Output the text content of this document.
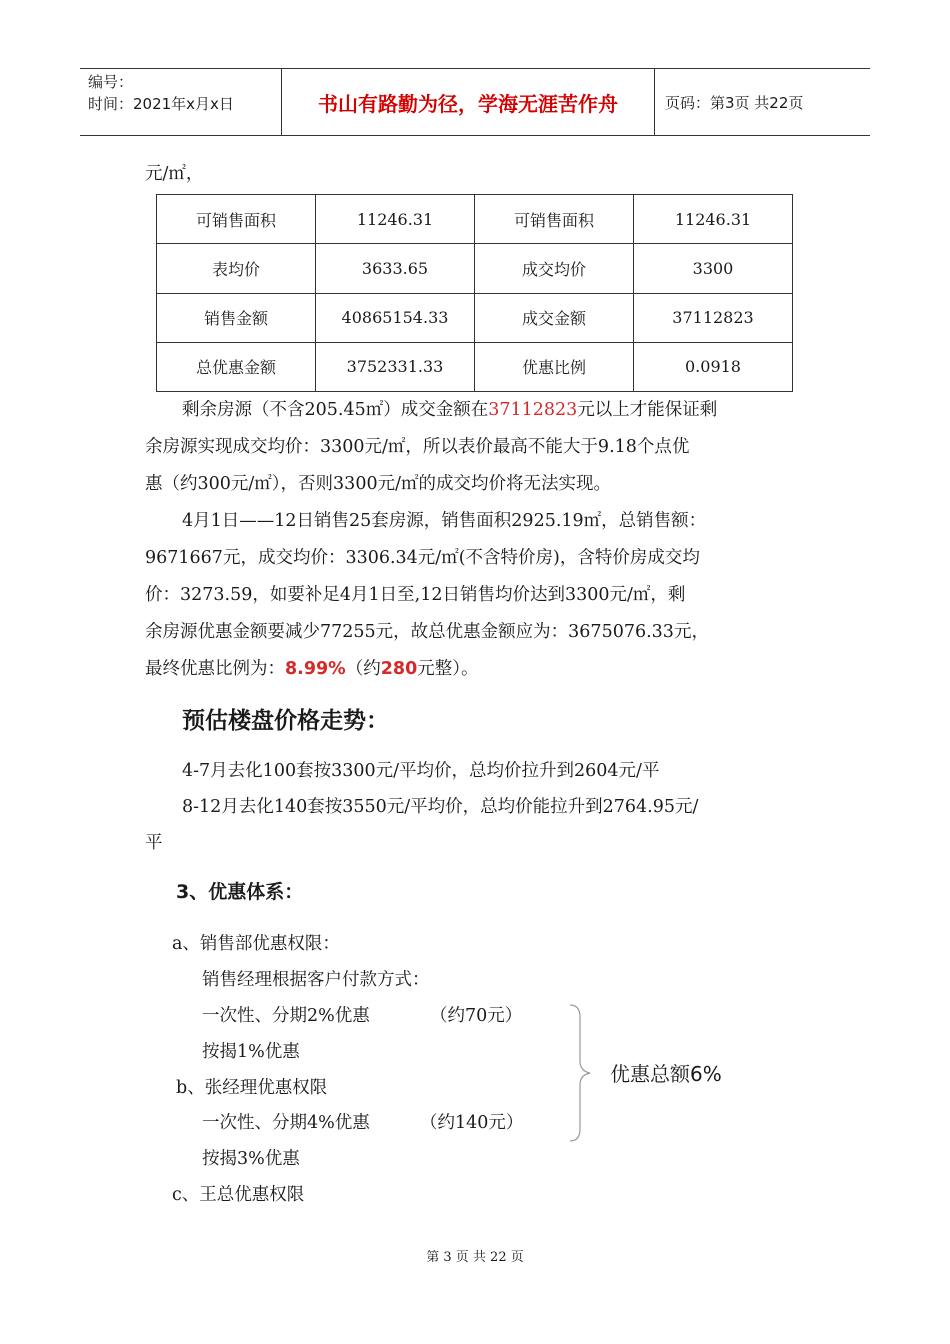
编号：
时间：2021年x月x日	书山有路勤为径，学海无涯苦作舟	页码：第3页 共22页
元/㎡，
可销售面积	11246.31	可销售面积	11246.31
表均价	3633.65	成交均价	3300
销售金额	40865154.33	成交金额	37112823
总优惠金额	3752331.33	优惠比例	0.0918
剩余房源（不含205.45㎡）成交金额在37112823元以上才能保证剩
余房源实现成交均价：3300元/㎡，所以表价最高不能大于9.18个点优
惠（约300元/㎡），否则3300元/㎡的成交均价将无法实现。
4月1日——12日销售25套房源，销售面积2925.19㎡，总销售额：
9671667元，成交均价：3306.34元/㎡(不含特价房)，含特价房成交均
价：3273.59，如要补足4月1日至,12日销售均价达到3300元/㎡，剩
余房源优惠金额要减少77255元，故总优惠金额应为：3675076.33元，
最终优惠比例为：8.99%（约280元整）。
预估楼盘价格走势：
4-7月去化100套按3300元/平均价，总均价拉升到2604元/平
8-12月去化140套按3550元/平均价，总均价能拉升到2764.95元/
平
3、优惠体系：
a、销售部优惠权限：
销售经理根据客户付款方式：
一次性、分期2%优惠	（约70元）
按揭1%优惠
b、张经理优惠权限
一次性、分期4%优惠	（约140元）
按揭3%优惠
c、王总优惠权限
优惠总额6%
第 3 页 共 22 页
